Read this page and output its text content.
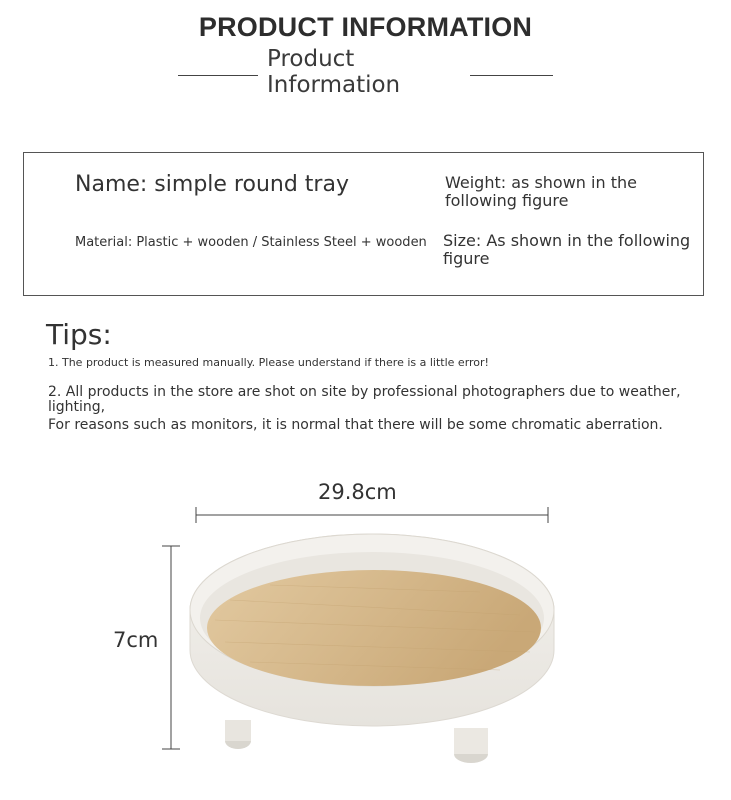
PRODUCT INFORMATION
Product Information
Name: simple round tray	Weight: as shown in the following figure
Material: Plastic + wooden / Stainless Steel + wooden Size: As shown in the following figure
Tips:
1. The product is measured manually. Please understand if there is a little error!
2. All products in the store are shot on site by professional photographers due to weather, lighting,
For reasons such as monitors, it is normal that there will be some chromatic aberration.
29.8cm
7cm
